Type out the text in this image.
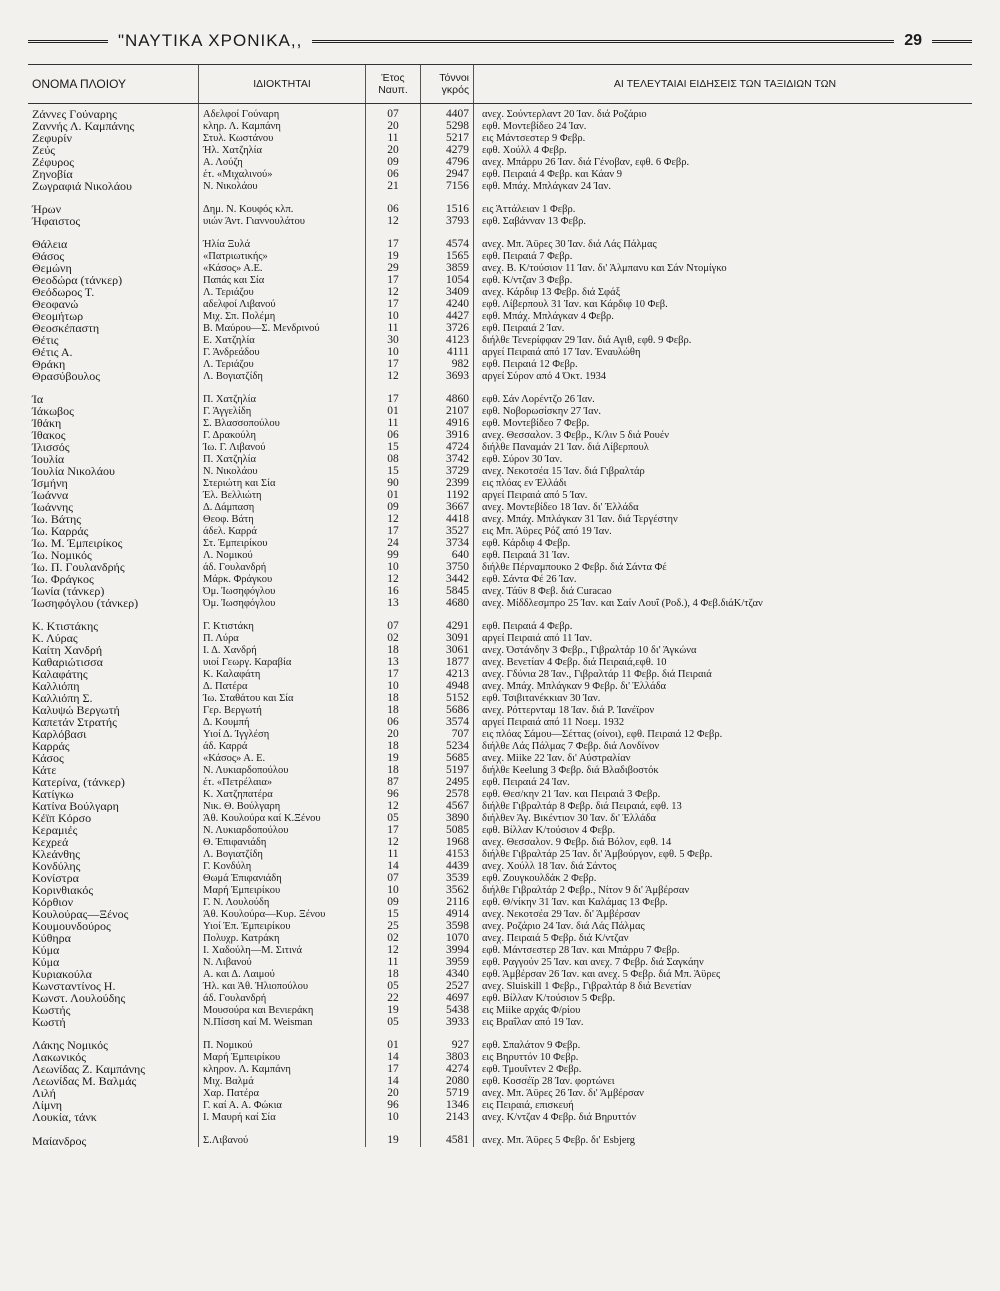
"ΝΑΥΤΙΚΑ ΧΡΟΝΙΚΑ,,	29
ΟΝΟΜΑ ΠΛΟΙΟΥ	ΙΔΙΟΚΤΗΤΑΙ	Έτος Ναυπ.	Τόννοι γκρός	ΑΙ ΤΕΛΕΥΤΑΙΑΙ ΕΙΔΗΣΕΙΣ ΤΩΝ ΤΑΞΙΔΙΩΝ ΤΩΝ
Ζάννες Γούναρης	Αδελφοί Γούναρη	07	4407	ανεχ. Σούντερλαντ 20 Ίαν. διά Ροζάριο
Ζαννής Λ. Καμπάνης	κληρ. Λ. Καμπάνη	20	5298	εφθ. Μοντεβίδεο 24 Ίαν.
Ζεφυρίν	Στυλ. Κωστάνου	11	5217	εις Μάντσεστερ 9 Φεβρ.
Ζεύς	Ήλ. Χατζηλία	20	4279	εφθ. Χούλλ 4 Φεβρ.
Ζέφυρος	Α. Λούζη	09	4796	ανεχ. Μπάρρυ 26 Ίαν. διά Γένοβαν, εφθ. 6 Φεβρ.
Ζηνοβία	έτ. «Μιχαλινού»	06	2947	εφθ. Πειραιά 4 Φεβρ. και Κάαν 9
Ζωγραφιά Νικολάου	Ν. Νικολάου	21	7156	εφθ. Μπάχ. Μπλάγκαν 24 Ίαν.

Ήρων	Δημ. Ν. Κουφός κλπ.	06	1516	εις Άττάλειαν 1 Φεβρ.
Ήφαιστος	υιών Άντ. Γιαννουλάτου	12	3793	εφθ. Σαβάνναν 13 Φεβρ.

Θάλεια	Ήλία Ξυλά	17	4574	ανεχ. Μπ. Άϋρες 30 Ίαν. διά Λάς Πάλμας
Θάσος	«Πατριωτικής»	19	1565	εφθ. Πειραιά 7 Φεβρ.
Θεμώνη	«Κάσος» Α.Ε.	29	3859	ανεχ. Β. Κ/τούσιον 11 Ίαν. δι' Άλμπανυ και Σάν Ντομίγκο
Θεοδώρα (τάνκερ)	Παπάς και Σία	17	1054	εφθ. Κ/ντζαν 3 Φεβρ.
Θεόδωρος Τ.	Λ. Τεριάζου	12	3409	ανεχ. Κάρδιφ 13 Φεβρ. διά Σφάξ
Θεοφανώ	αδελφοί Λιβανού	17	4240	εφθ. Λίβερπουλ 31 Ίαν. και Κάρδιφ 10 Φεβ.
Θεομήτωρ	Μιχ. Σπ. Πολέμη	10	4427	εφθ. Μπάχ. Μπλάγκαν 4 Φεβρ.
Θεοσκέπαστη	Β. Μαύρου—Σ. Μενδρινού	11	3726	εφθ. Πειραιά 2 Ίαν.
Θέτις	Ε. Χατζηλία	30	4123	διήλθε Τενερίφφαν 29 Ίαν. διά Αγιθ, εφθ. 9 Φεβρ.
Θέτις Α.	Γ. Άνδρεάδου	10	4111	αργεί Πειραιά από 17 Ίαν. Έναυλώθη
Θράκη	Λ. Τεριάζου	17	982	εφθ. Πειραιά 12 Φεβρ.
Θρασύβουλος	Λ. Βογιατζίδη	12	3693	αργεί Σύρον από 4 Όκτ. 1934

Ία	Π. Χατζηλία	17	4860	εφθ. Σάν Λορέντζο 26 Ίαν.
Ίάκωβος	Γ. Άγγελίδη	01	2107	εφθ. Νοβορωσίσκην 27 Ίαν.
Ίθάκη	Σ. Βλασσοπούλου	11	4916	εφθ. Μοντεβίδεο 7 Φεβρ.
Ίθακος	Γ. Δρακούλη	06	3916	ανεχ. Θεσσαλον. 3 Φεβρ., Κ/λιν 5 διά Ρουέν
Ίλισσός	Ίω. Γ. Λιβανού	15	4724	διήλθε Παναμάν 21 Ίαν. διά Λίβερπουλ
Ίουλία	Π. Χατζηλία	08	3742	εφθ. Σύρον 30 Ίαν.
Ίουλία Νικολάου	Ν. Νικολάου	15	3729	ανεχ. Νεκοτσέα 15 Ίαν. διά Γιβραλτάρ
Ίσμήνη	Στεριώτη και Σία	90	2399	εις πλόας εν Έλλάδι
Ίωάννα	Έλ. Βελλιώτη	01	1192	αργεί Πειραιά από 5 Ίαν.
Ίωάννης	Δ. Δάμπαση	09	3667	ανεχ. Μοντεβίδεο 18 Ίαν. δι' Έλλάδα
Ίω. Βάτης	Θεοφ. Βάτη	12	4418	ανεχ. Μπάχ. Μπλάγκαν 31 Ίαν. διά Τεργέστην
Ίω. Καρράς	άδελ. Καρρά	17	3527	εις Μπ. Άϋρες Ρόζ από 19 Ίαν.
Ίω. Μ. Έμπειρίκος	Στ. Έμπειρίκου	24	3734	εφθ. Κάρδιφ 4 Φεβρ.
Ίω. Νομικός	Λ. Νομικού	99	640	εφθ. Πειραιά 31 Ίαν.
Ίω. Π. Γουλανδρής	άδ. Γουλανδρή	10	3750	διήλθε Πέρναμπουκο 2 Φεβρ. διά Σάντα Φέ
Ίω. Φράγκος	Μάρκ. Φράγκου	12	3442	εφθ. Σάντα Φέ 26 Ίαν.
Ίωνία (τάνκερ)	Όμ. Ίωσηφόγλου	16	5845	ανεχ. Τάϋν 8 Φεβ. διά Curacao
Ίωσηφόγλου (τάνκερ)	Όμ. Ίωσηφόγλου	13	4680	ανεχ. Μίδδλεσμπρο 25 Ίαν. και Σαίν Λουΐ (Ροδ.), 4 Φεβ.διάΚ/τζαν

Κ. Κτιστάκης	Γ. Κτιστάκη	07	4291	εφθ. Πειραιά 4 Φεβρ.
Κ. Λύρας	Π. Λύρα	02	3091	αργεί Πειραιά από 11 Ίαν.
Καίτη Χανδρή	Ι. Δ. Χανδρή	18	3061	ανεχ. Όστάνδην 3 Φεβρ., Γιβραλτάρ 10 δι' Άγκώνα
Καθαριώτισσα	υιοί Γεωργ. Καραβία	13	1877	ανεχ. Βενετίαν 4 Φεβρ. διά Πειραιά,εφθ. 10
Καλαφάτης	Κ. Καλαφάτη	17	4213	ανεχ. Γδύνια 28 Ίαν., Γιβραλτάρ 11 Φεβρ. διά Πειραιά
Καλλιόπη	Δ. Πατέρα	10	4948	ανεχ. Μπάχ. Μπλάγκαν 9 Φεβρ. δι' Έλλάδα
Καλλιόπη Σ.	Ίω. Σταθάτου και Σία	18	5152	εφθ. Τσιβιτανέκκιαν 30 Ίαν.
Καλυψώ Βεργωτή	Γερ. Βεργωτή	18	5686	ανεχ. Ρόττερνταμ 18 Ίαν. διά Ρ. Ίανέϊρον
Καπετάν Στρατής	Δ. Κουμπή	06	3574	αργεί Πειραιά από 11 Νοεμ. 1932
Καρλόβασι	Υιοί Δ. Ίγγλέση	20	707	εις πλόας Σάμου—Σέττας (οίνοι), εφθ. Πειραιά 12 Φεβρ.
Καρράς	άδ. Καρρά	18	5234	διήλθε Λάς Πάλμας 7 Φεβρ. διά Λονδίνον
Κάσος	«Κάσος» Α. Ε.	19	5685	ανεχ. Miike 22 Ίαν. δι' Αύστραλίαν
Κάτε	Ν. Λυκιαρδοπούλου	18	5197	διήλθε Keelung 3 Φεβρ. διά Βλαδιβοστόκ
Κατερίνα, (τάνκερ)	έτ. «Πετρέλαια»	87	2495	εφθ. Πειραιά 24 Ίαν.
Κατίγκω	Κ. Χατζηπατέρα	96	2578	εφθ. Θεσ/κην 21 Ίαν. και Πειραιά 3 Φεβρ.
Κατίνα Βούλγαρη	Νικ. Θ. Βούλγαρη	12	4567	διήλθε Γιβραλτάρ 8 Φεβρ. διά Πειραιά, εφθ. 13
Κέϊπ Κόρσο	Άθ. Κουλούρα καί Κ.Ξένου	05	3890	διήλθεν Άγ. Βικέντιον 30 Ίαν. δι' Έλλάδα
Κεραμιές	Ν. Λυκιαρδοπούλου	17	5085	εφθ. Βίλλαν Κ/τούσιον 4 Φεβρ.
Κεχρεά	Θ. Έπιφανιάδη	12	1968	ανεχ. Θεσσαλον. 9 Φεβρ. διά Βόλον, εφθ. 14
Κλεάνθης	Λ. Βογιατζίδη	11	4153	διήλθε Γιβραλτάρ 25 Ίαν. δι' Άμβούργον, εφθ. 5 Φεβρ.
Κονδύλης	Γ. Κονδύλη	14	4439	ανεχ. Χούλλ 18 Ίαν. διά Σάντος
Κονίστρα	Θωμά Έπιφανιάδη	07	3539	εφθ. Ζουγκουλδάκ 2 Φεβρ.
Κορινθιακός	Μαρή Έμπειρίκου	10	3562	διήλθε Γιβραλτάρ 2 Φεβρ., Νίτον 9 δι' Άμβέρσαν
Κόρθιον	Γ. Ν. Λουλούδη	09	2116	εφθ. Θ/νίκην 31 Ίαν. και Καλάμας 13 Φεβρ.
Κουλούρας—Ξένος	Άθ. Κουλούρα—Κυρ. Ξένου	15	4914	ανεχ. Νεκοτσέα 29 Ίαν. δι' Άμβέρσαν
Κουμουνδούρος	Υιοί Έπ. Έμπειρίκου	25	3598	ανεχ. Ροζάριο 24 Ίαν. διά Λάς Πάλμας
Κύθηρα	Πολυχρ. Κατράκη	02	1070	ανεχ. Πειραιά 5 Φεβρ. διά Κ/ντζαν
Κύμα	Ι. Χαδούλη—Μ. Σιτινά	12	3994	εφθ. Μάντσεστερ 28 Ίαν. και Μπάρρυ 7 Φεβρ.
Κύμα	Ν. Λιβανού	11	3959	εφθ. Ραγγούν 25 Ίαν. και ανεχ. 7 Φεβρ. διά Σαγκάην
Κυριακούλα	Α. και Δ. Λαιμού	18	4340	εφθ. Άμβέρσαν 26 Ίαν. και ανεχ. 5 Φεβρ. διά Μπ. Άϋρες
Κωνσταντίνος Η.	Ήλ. και Άθ. Ήλιοπούλου	05	2527	ανεχ. Sluiskill 1 Φεβρ., Γιβραλτάρ 8 διά Βενετίαν
Κωνστ. Λουλούδης	άδ. Γουλανδρή	22	4697	εφθ. Βίλλαν Κ/τούσιον 5 Φεβρ.
Κωστής	Μουσούρα και Βενιεράκη	19	5438	εις Miike αρχάς Φ/ρίου
Κωστή	Ν.Πίσση καί M. Weisman	05	3933	εις Βραΐλαν από 19 Ίαν.

Λάκης Νομικός	Π. Νομικού	01	927	εφθ. Σπαλάτον 9 Φεβρ.
Λακωνικός	Μαρή Έμπειρίκου	14	3803	εις Βηρυττόν 10 Φεβρ.
Λεωνίδας Ζ. Καμπάνης	κληρον. Λ. Καμπάνη	17	4274	εφθ. Τμουΐντεν 2 Φεβρ.
Λεωνίδας Μ. Βαλμάς	Μιχ. Βαλμά	14	2080	εφθ. Κοσσέϊρ 28 Ίαν. φορτώνει
Λιλή	Χαρ. Πατέρα	20	5719	ανεχ. Μπ. Άϋρες 26 Ίαν. δι' Άμβέρσαν
Λίμνη	Γ. καί Α. Α. Φώκια	96	1346	εις Πειραιά, επισκευή
Λουκία, τάνκ	Ι. Μαυρή καί Σία	10	2143	ανεχ. Κ/ντζαν 4 Φεβρ. διά Βηρυττόν

Μαίανδρος	Σ.Λιβανού	19	4581	ανεχ. Μπ. Άϋρες 5 Φεβρ. δι' Esbjerg
